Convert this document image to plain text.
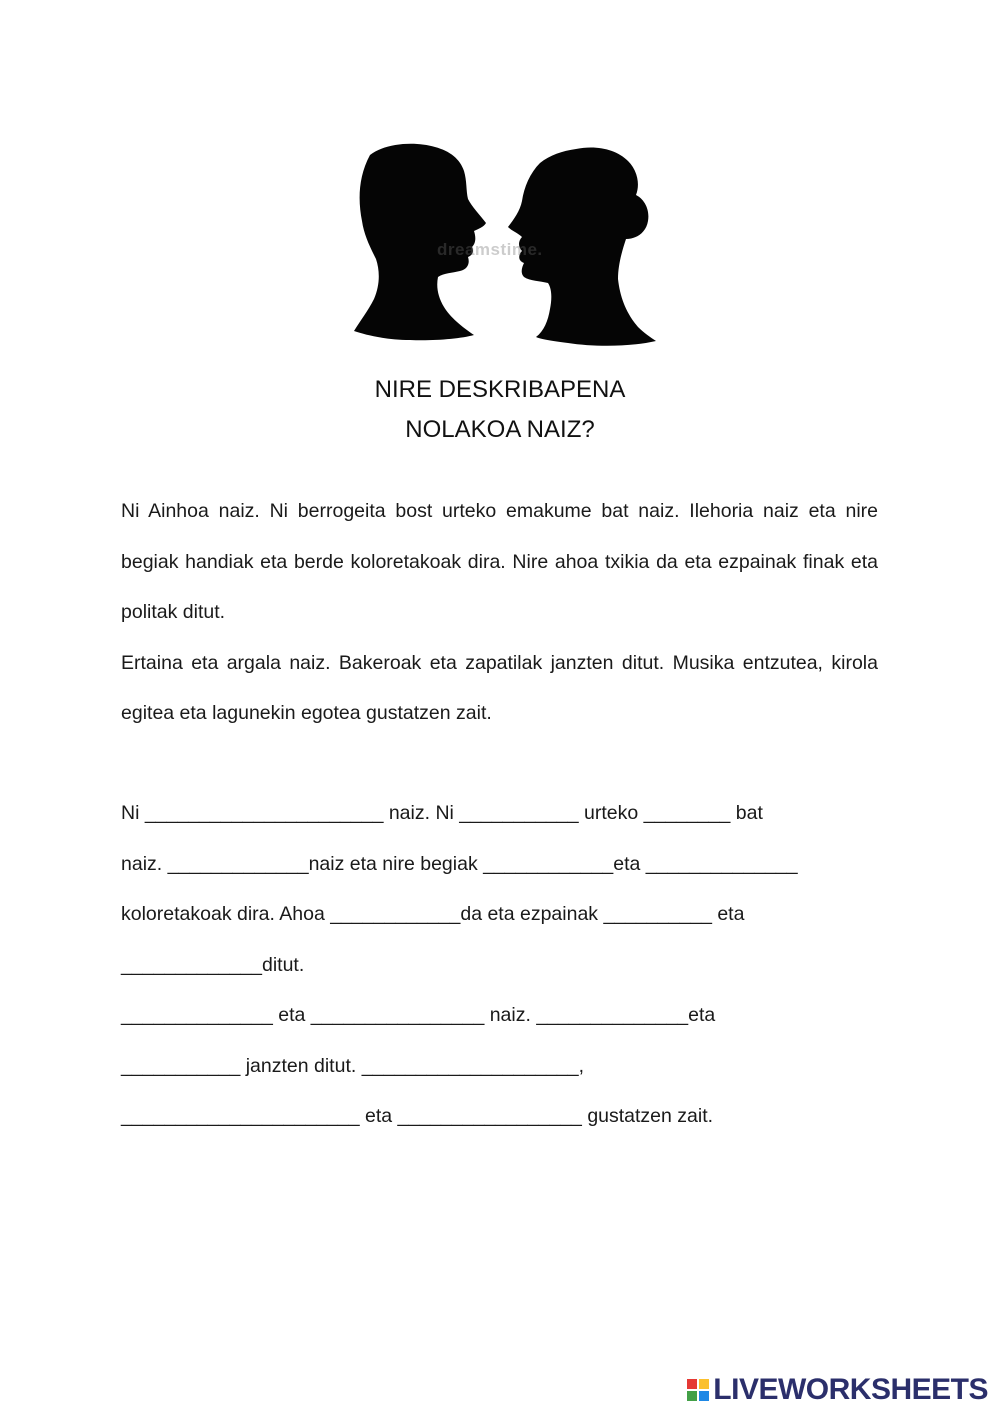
dreamstime.
NIRE DESKRIBAPENA
NOLAKOA NAIZ?

Ni Ainhoa naiz. Ni berrogeita bost urteko emakume bat naiz. Ilehoria naiz eta nire begiak handiak eta berde koloretakoak dira. Nire ahoa txikia da eta ezpainak finak eta politak ditut.

Ertaina eta argala naiz. Bakeroak eta zapatilak janzten ditut. Musika entzutea, kirola egitea eta lagunekin egotea gustatzen zait.

Ni ______________________ naiz. Ni ___________ urteko ________ bat

naiz. _____________naiz eta nire begiak ____________eta ______________

koloretakoak dira. Ahoa ____________da eta ezpainak __________ eta

_____________ditut.

______________ eta ________________ naiz. ______________eta

___________ janzten ditut. ____________________,

______________________ eta _________________ gustatzen zait.

LIVEWORKSHEETS
